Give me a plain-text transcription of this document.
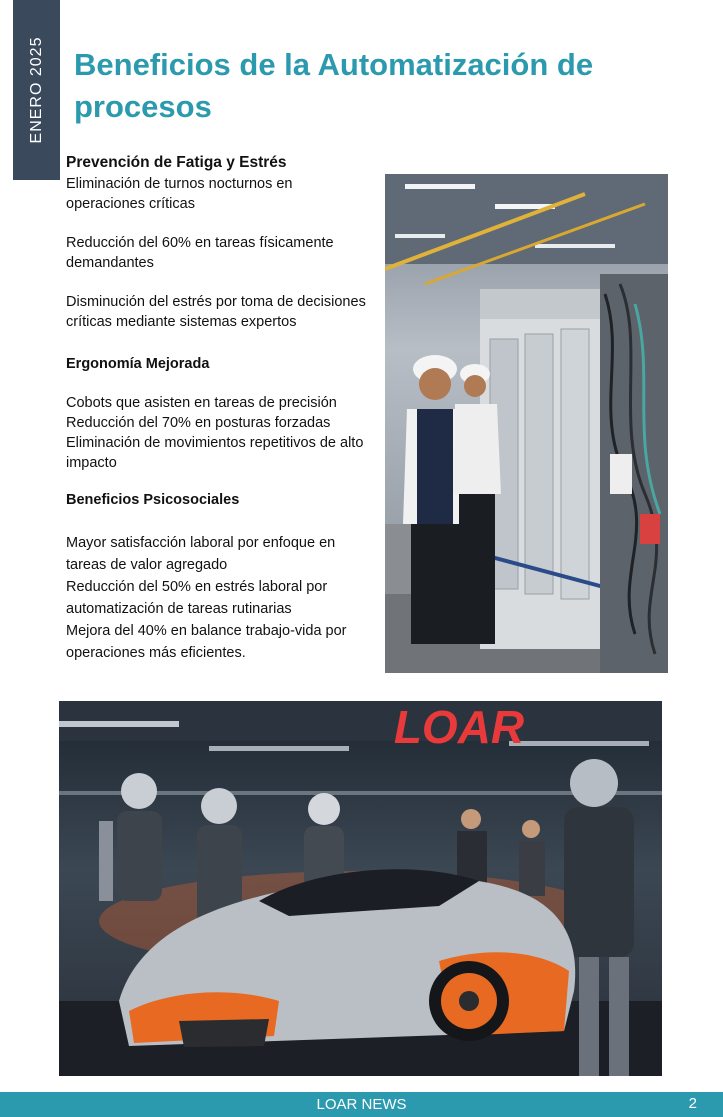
ENERO 2025 Beneficios de la Automatización de procesos
Prevención de Fatiga y Estrés

Eliminación de turnos nocturnos en operaciones críticas

Reducción del 60% en tareas físicamente demandantes

Disminución del estrés por toma de decisiones críticas mediante sistemas expertos

Ergonomía Mejorada

Cobots que asisten en tareas de precisión

Reducción del 70% en posturas forzadas

Eliminación de movimientos repetitivos de alto impacto

Beneficios Psicosociales

Mayor satisfacción laboral por enfoque en tareas de valor agregado

Reducción del 50% en estrés laboral por automatización de tareas rutinarias

Mejora del 40% en balance trabajo-vida por operaciones más eficientes.

LOAR
LOAR NEWS	2
